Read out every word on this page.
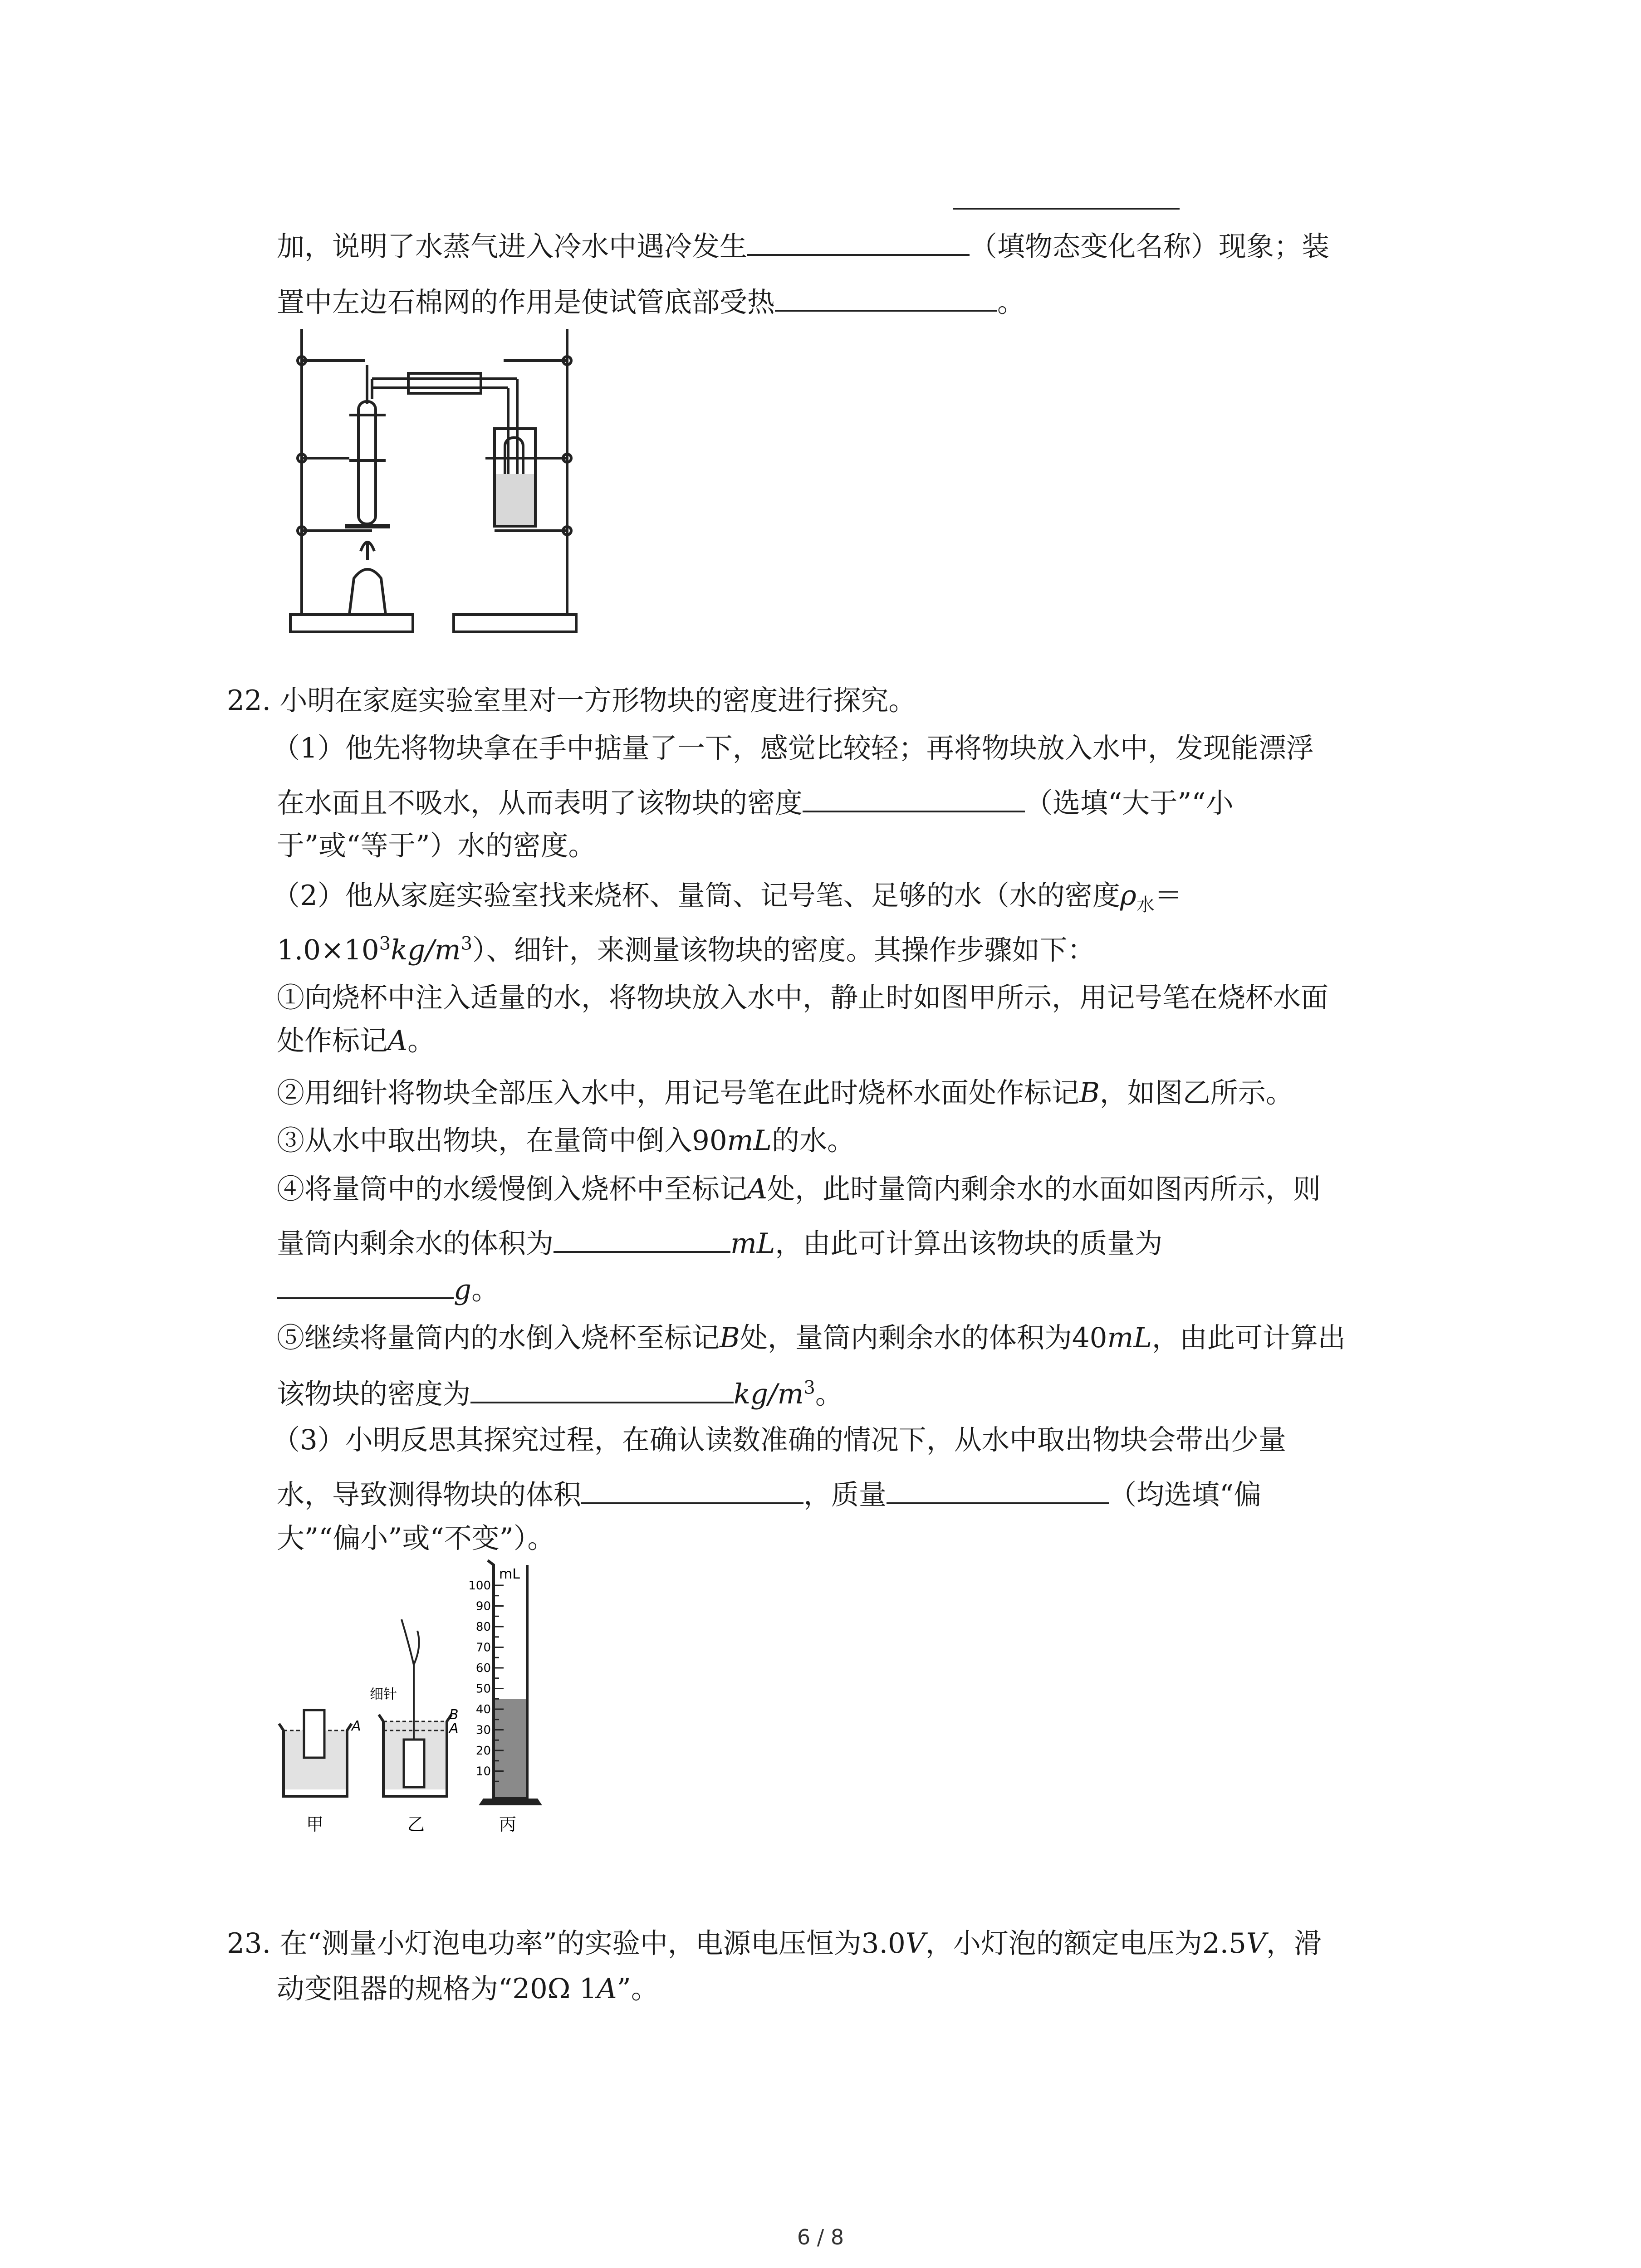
加，说明了水蒸气进入冷水中遇冷发生	（填物态变化名称）现象；装
置中左边石棉网的作用是使试管底部受热	。
22. 小明在家庭实验室里对一方形物块的密度进行探究。
（1）他先将物块拿在手中掂量了一下，感觉比较轻；再将物块放入水中，发现能漂浮
在水面且不吸水，从而表明了该物块的密度	（选填“大于”“小
于”或“等于”）水的密度。
（2）他从家庭实验室找来烧杯、量筒、记号笔、足够的水（水的密度$\rho_水=$
$1.0\times 10^3kg/m^3$）、细针，来测量该物块的密度。其操作步骤如下：
①向烧杯中注入适量的水，将物块放入水中，静止时如图甲所示，用记号笔在烧杯水面
处作标记A。
②用细针将物块全部压入水中，用记号笔在此时烧杯水面处作标记B，如图乙所示。
③从水中取出物块，在量筒中倒入90mL的水。
④将量筒中的水缓慢倒入烧杯中至标记A处，此时量筒内剩余水的水面如图丙所示，则
量筒内剩余水的体积为	mL，由此可计算出该物块的质量为
g。
⑤继续将量筒内的水倒入烧杯至标记B处，量筒内剩余水的体积为40mL，由此可计算出
该物块的密度为	$kg/m^3$。
（3）小明反思其探究过程，在确认读数准确的情况下，从水中取出物块会带出少量
水，导致测得物块的体积	，质量	（均选填“偏
大”“偏小”或“不变”）。
A
甲
细针
B
A
乙
mL
100
90
80
70
60
50
40
30
20
10
丙
23. 在“测量小灯泡电功率”的实验中，电源电压恒为3.0V，小灯泡的额定电压为2.5V，滑
动变阻器的规格为“20Ω 1A”。
6 / 8
